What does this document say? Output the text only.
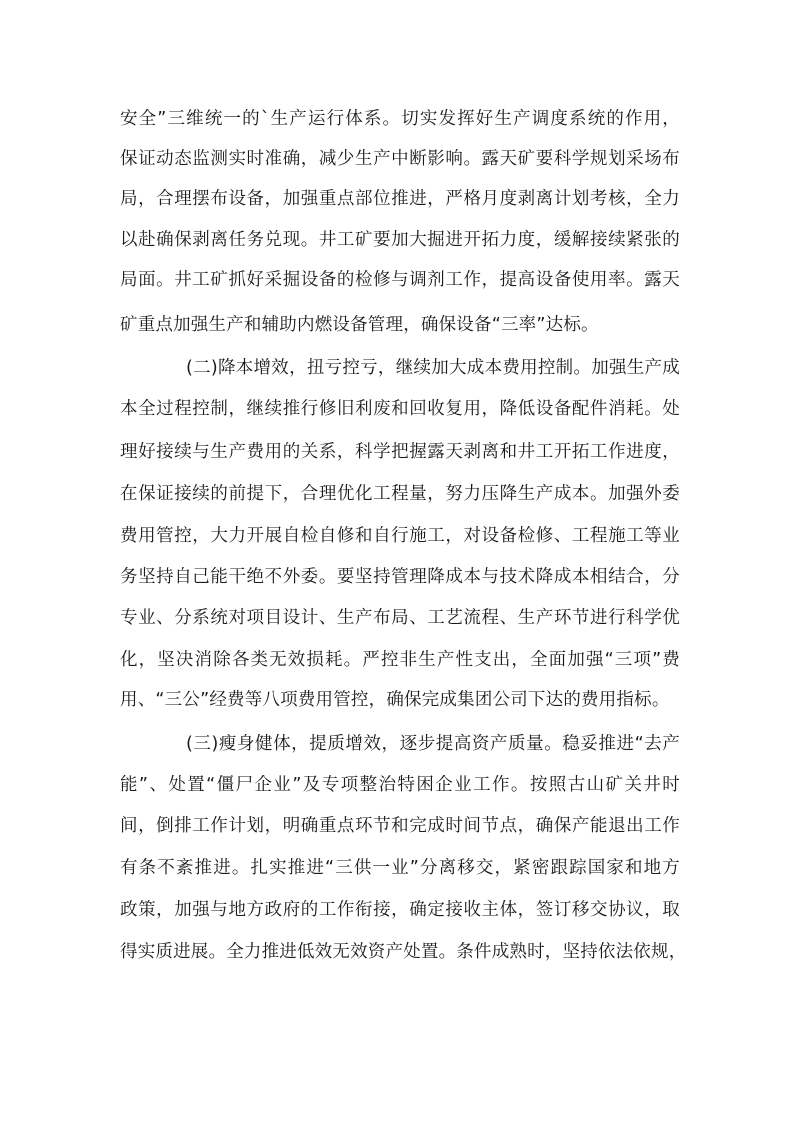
安全”三维统一的`生产运行体系。切实发挥好生产调度系统的作用，
保证动态监测实时准确，减少生产中断影响。露天矿要科学规划采场布
局，合理摆布设备，加强重点部位推进，严格月度剥离计划考核，全力
以赴确保剥离任务兑现。井工矿要加大掘进开拓力度，缓解接续紧张的
局面。井工矿抓好采掘设备的检修与调剂工作，提高设备使用率。露天
矿重点加强生产和辅助内燃设备管理，确保设备“三率”达标。
(二)降本增效，扭亏控亏，继续加大成本费用控制。加强生产成
本全过程控制，继续推行修旧利废和回收复用，降低设备配件消耗。处
理好接续与生产费用的关系，科学把握露天剥离和井工开拓工作进度，
在保证接续的前提下，合理优化工程量，努力压降生产成本。加强外委
费用管控，大力开展自检自修和自行施工，对设备检修、工程施工等业
务坚持自己能干绝不外委。要坚持管理降成本与技术降成本相结合，分
专业、分系统对项目设计、生产布局、工艺流程、生产环节进行科学优
化，坚决消除各类无效损耗。严控非生产性支出，全面加强“三项”费
用、“三公”经费等八项费用管控，确保完成集团公司下达的费用指标。
(三)瘦身健体，提质增效，逐步提高资产质量。稳妥推进“去产
能”、处置“僵尸企业”及专项整治特困企业工作。按照古山矿关井时
间，倒排工作计划，明确重点环节和完成时间节点，确保产能退出工作
有条不紊推进。扎实推进“三供一业”分离移交，紧密跟踪国家和地方
政策，加强与地方政府的工作衔接，确定接收主体，签订移交协议，取
得实质进展。全力推进低效无效资产处置。条件成熟时，坚持依法依规，
